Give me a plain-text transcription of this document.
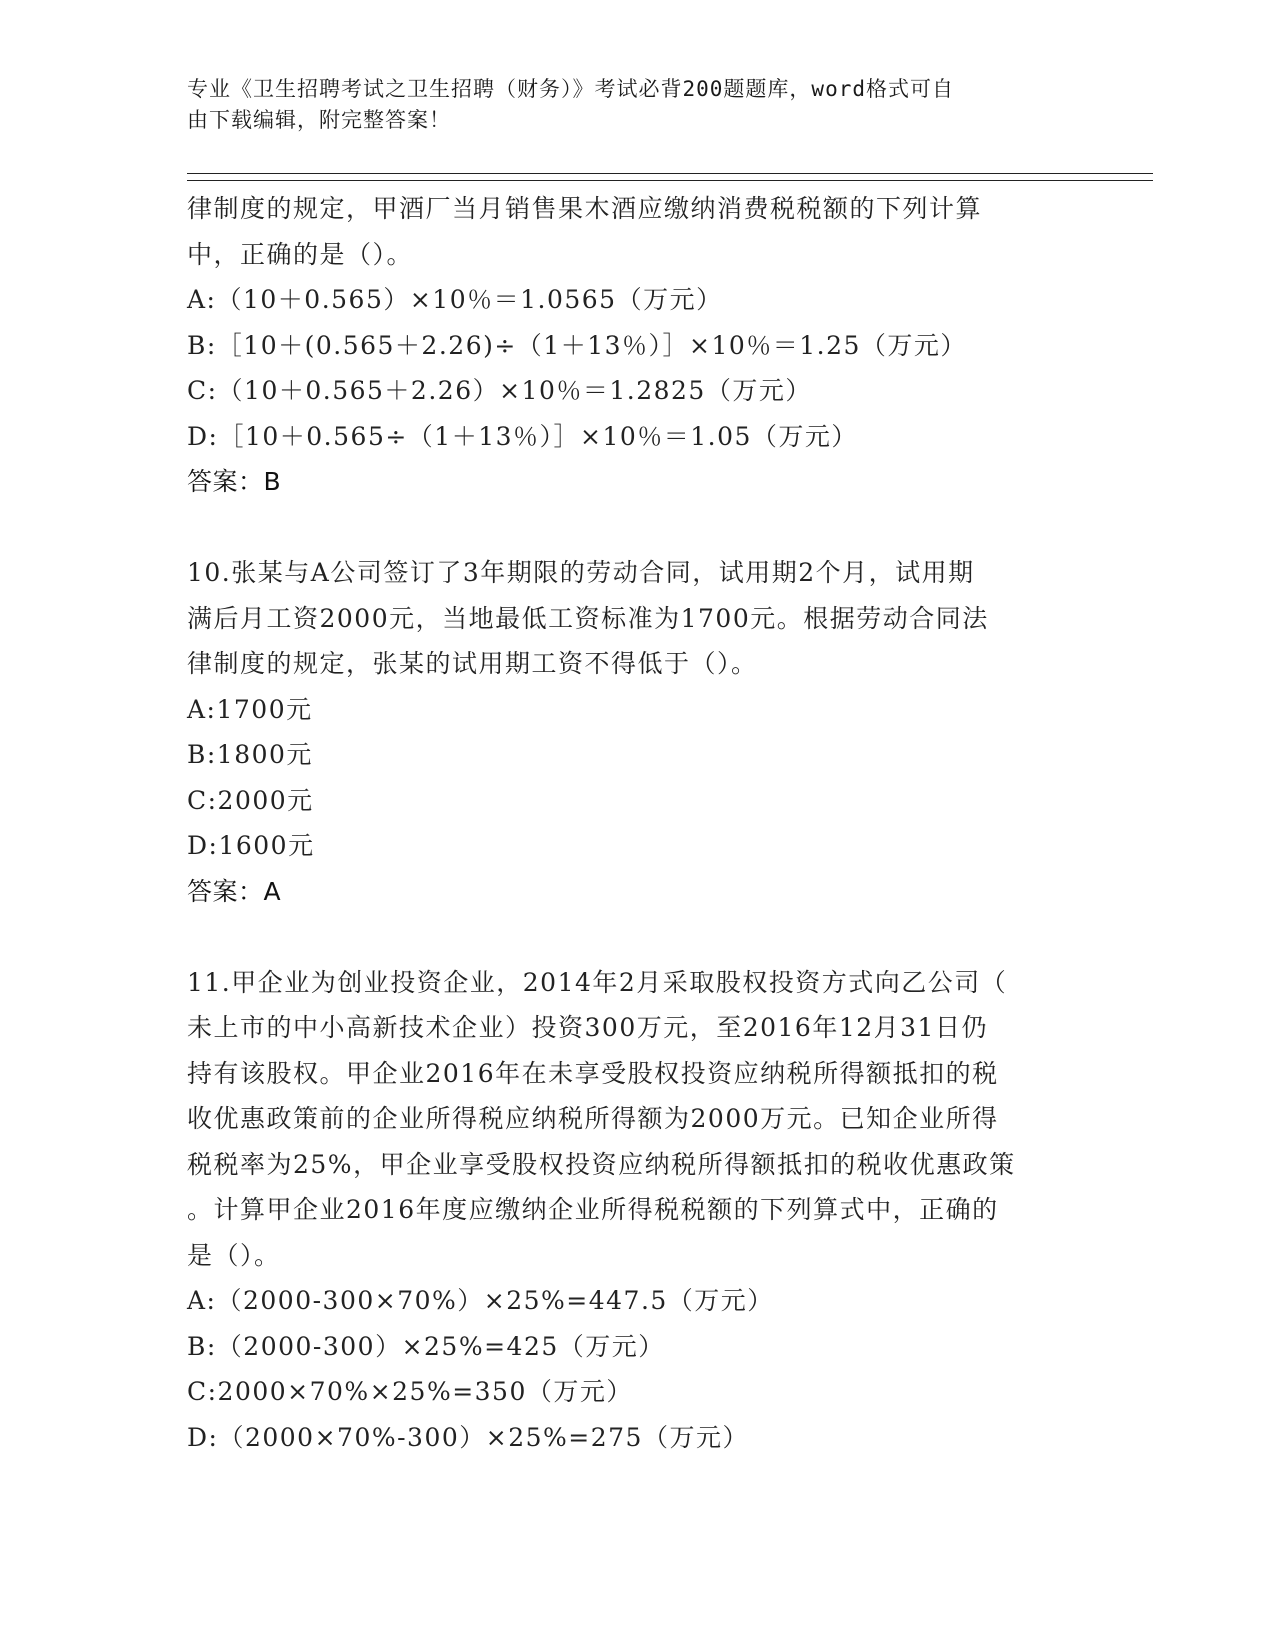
专业《卫生招聘考试之卫生招聘（财务）》考试必背200题题库，word格式可自
由下载编辑，附完整答案！
律制度的规定，甲酒厂当月销售果木酒应缴纳消费税税额的下列计算
中，正确的是（）。
A:（10＋0.565）×10％＝1.0565（万元）
B:［10＋(0.565＋2.26)÷（1＋13％）］×10％＝1.25（万元）
C:（10＋0.565＋2.26）×10％＝1.2825（万元）
D:［10＋0.565÷（1＋13％）］×10％＝1.05（万元）
答案：B
10.张某与A公司签订了3年期限的劳动合同，试用期2个月，试用期
满后月工资2000元，当地最低工资标准为1700元。根据劳动合同法
律制度的规定，张某的试用期工资不得低于（）。
A:1700元
B:1800元
C:2000元
D:1600元
答案：A
11.甲企业为创业投资企业，2014年2月采取股权投资方式向乙公司（
未上市的中小高新技术企业）投资300万元，至2016年12月31日仍
持有该股权。甲企业2016年在未享受股权投资应纳税所得额抵扣的税
收优惠政策前的企业所得税应纳税所得额为2000万元。已知企业所得
税税率为25%，甲企业享受股权投资应纳税所得额抵扣的税收优惠政策
。计算甲企业2016年度应缴纳企业所得税税额的下列算式中，正确的
是（）。
A:（2000-300×70%）×25%=447.5（万元）
B:（2000-300）×25%=425（万元）
C:2000×70%×25%=350（万元）
D:（2000×70%-300）×25%=275（万元）
